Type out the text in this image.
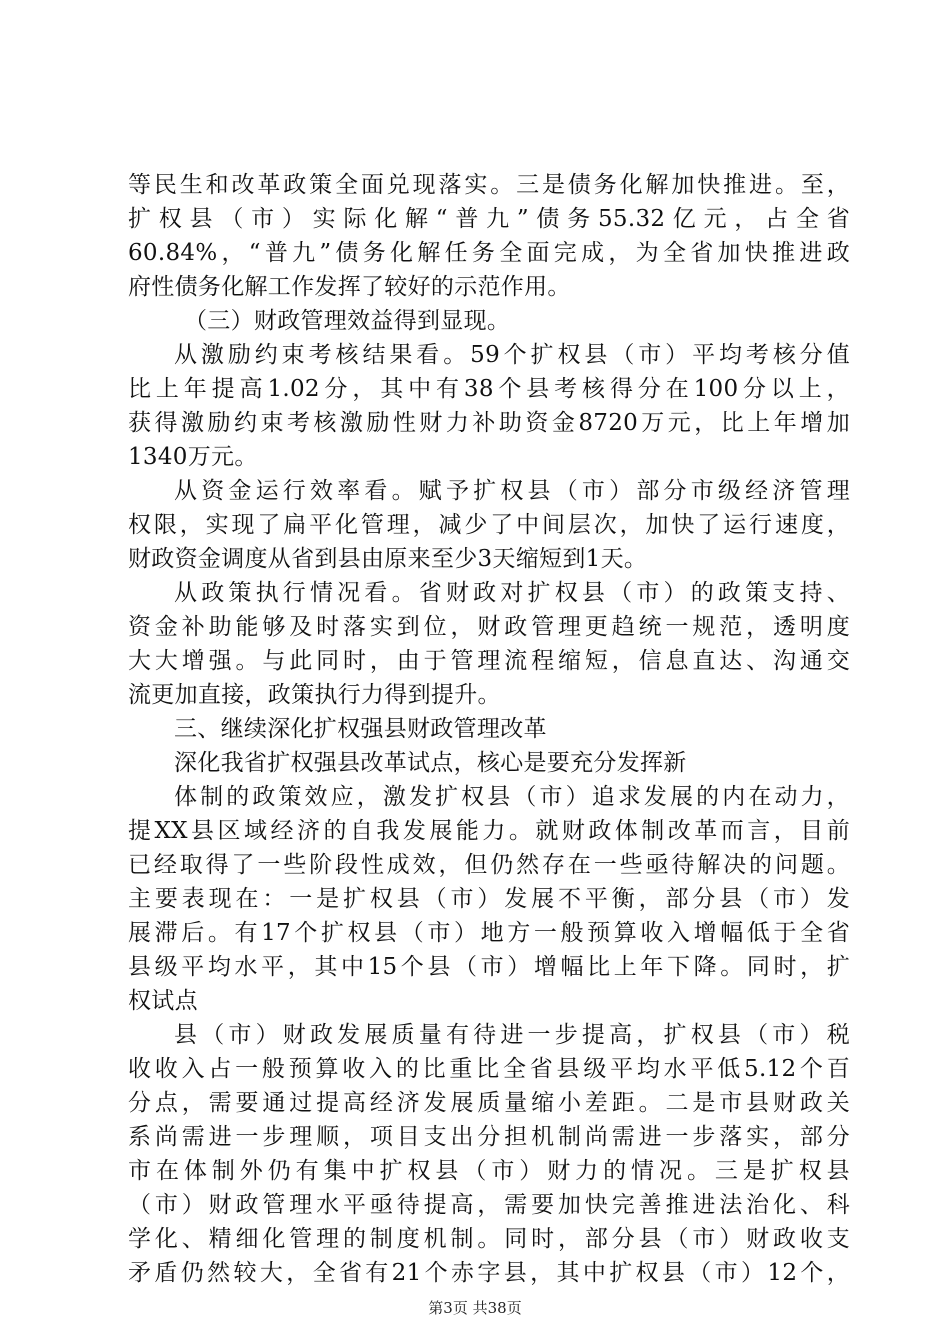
等民生和改革政策全面兑现落实。三是债务化解加快推进。至，
扩权县（市）实际化解“普九”债务55.32亿元，占全省
60.84%，“普九”债务化解任务全面完成，为全省加快推进政
府性债务化解工作发挥了较好的示范作用。
（三）财政管理效益得到显现。
从激励约束考核结果看。59个扩权县（市）平均考核分值
比上年提高1.02分，其中有38个县考核得分在100分以上，
获得激励约束考核激励性财力补助资金8720万元，比上年增加
1340万元。
从资金运行效率看。赋予扩权县（市）部分市级经济管理
权限，实现了扁平化管理，减少了中间层次，加快了运行速度，
财政资金调度从省到县由原来至少3天缩短到1天。
从政策执行情况看。省财政对扩权县（市）的政策支持、
资金补助能够及时落实到位，财政管理更趋统一规范，透明度
大大增强。与此同时，由于管理流程缩短，信息直达、沟通交
流更加直接，政策执行力得到提升。
三、继续深化扩权强县财政管理改革
深化我省扩权强县改革试点，核心是要充分发挥新
体制的政策效应，激发扩权县（市）追求发展的内在动力，
提XX县区域经济的自我发展能力。就财政体制改革而言，目前
已经取得了一些阶段性成效，但仍然存在一些亟待解决的问题。
主要表现在：一是扩权县（市）发展不平衡，部分县（市）发
展滞后。有17个扩权县（市）地方一般预算收入增幅低于全省
县级平均水平，其中15个县（市）增幅比上年下降。同时，扩
权试点
县（市）财政发展质量有待进一步提高，扩权县（市）税
收收入占一般预算收入的比重比全省县级平均水平低5.12个百
分点，需要通过提高经济发展质量缩小差距。二是市县财政关
系尚需进一步理顺，项目支出分担机制尚需进一步落实，部分
市在体制外仍有集中扩权县（市）财力的情况。三是扩权县
（市）财政管理水平亟待提高，需要加快完善推进法治化、科
学化、精细化管理的制度机制。同时，部分县（市）财政收支
矛盾仍然较大，全省有21个赤字县，其中扩权县（市）12个，
第3页 共38页
